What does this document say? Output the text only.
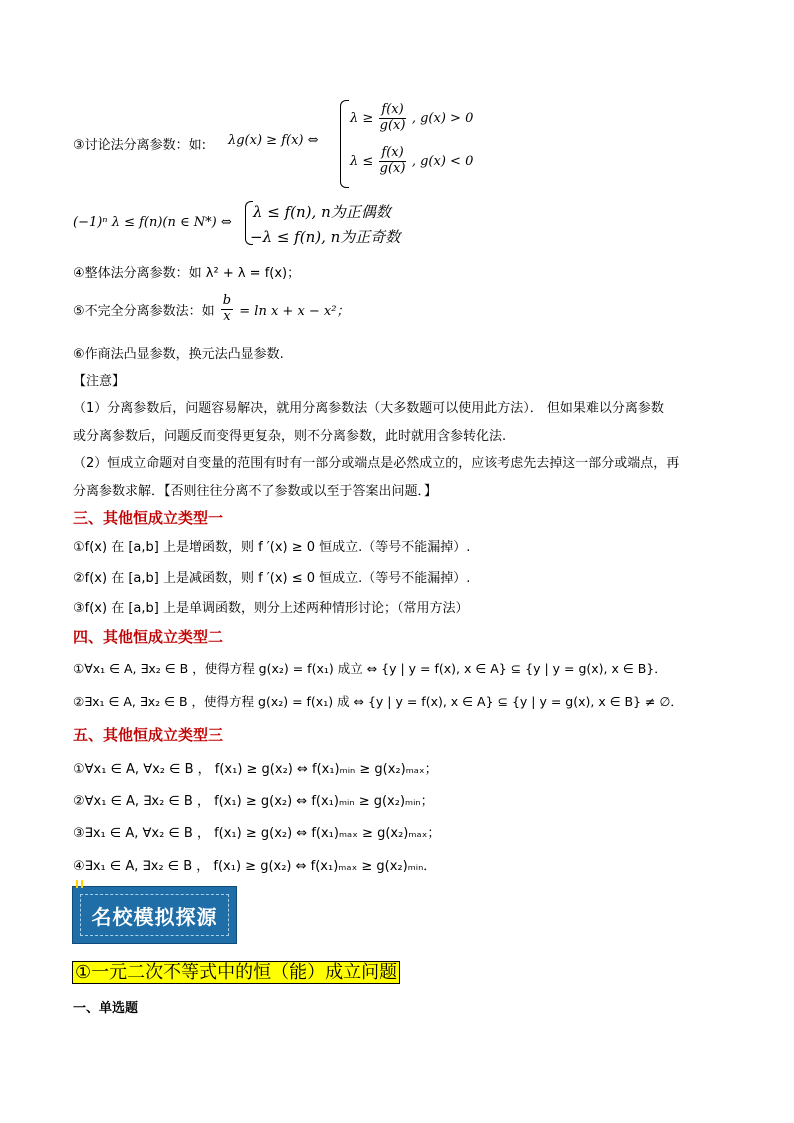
③讨论法分离参数：如: λg(x) ≥ f(x) ⇔
$\lambda \ge \frac{f(x)}{g(x)}$ , g(x) > 0
$\lambda \le \frac{f(x)}{g(x)}$ , g(x) < 0
(−1)ⁿ λ ≤ f(n)(n ∈ N*) ⇔
λ ≤ f(n), n为正偶数
−λ ≤ f(n), n为正奇数
④整体法分离参数：如 λ² + λ = f(x)；
⑤不完全分离参数法：如 $\frac{b}{x} = \ln x + x - x^2$；
⑥作商法凸显参数，换元法凸显参数.
【注意】
（1）分离参数后，问题容易解决，就用分离参数法（大多数题可以使用此方法）． 但如果难以分离参数
或分离参数后，问题反而变得更复杂，则不分离参数，此时就用含参转化法.
（2）恒成立命题对自变量的范围有时有一部分或端点是必然成立的，应该考虑先去掉这一部分或端点，再
分离参数求解．【否则往往分离不了参数或以至于答案出问题．】
三、其他恒成立类型一
①f(x) 在 [a,b] 上是增函数，则 f ′(x) ≥ 0 恒成立.（等号不能漏掉）.
②f(x) 在 [a,b] 上是减函数，则 f ′(x) ≤ 0 恒成立.（等号不能漏掉）.
③f(x) 在 [a,b] 上是单调函数，则分上述两种情形讨论；（常用方法）
四、其他恒成立类型二
①∀x₁ ∈ A, ∃x₂ ∈ B ，使得方程 g(x₂) = f(x₁) 成立 ⇔ {y | y = f(x), x ∈ A} ⊆ {y | y = g(x), x ∈ B}．
②∃x₁ ∈ A, ∃x₂ ∈ B ，使得方程 g(x₂) = f(x₁) 成 ⇔ {y | y = f(x), x ∈ A} ⊆ {y | y = g(x), x ∈ B} ≠ ∅．
五、其他恒成立类型三
①∀x₁ ∈ A, ∀x₂ ∈ B ， f(x₁) ≥ g(x₂) ⇔ f(x₁)ₘᵢₙ ≥ g(x₂)ₘₐₓ；
②∀x₁ ∈ A, ∃x₂ ∈ B ， f(x₁) ≥ g(x₂) ⇔ f(x₁)ₘᵢₙ ≥ g(x₂)ₘᵢₙ；
③∃x₁ ∈ A, ∀x₂ ∈ B ， f(x₁) ≥ g(x₂) ⇔ f(x₁)ₘₐₓ ≥ g(x₂)ₘₐₓ；
④∃x₁ ∈ A, ∃x₂ ∈ B ， f(x₁) ≥ g(x₂) ⇔ f(x₁)ₘₐₓ ≥ g(x₂)ₘᵢₙ．
名校模拟探源
①一元二次不等式中的恒（能）成立问题
一、单选题
